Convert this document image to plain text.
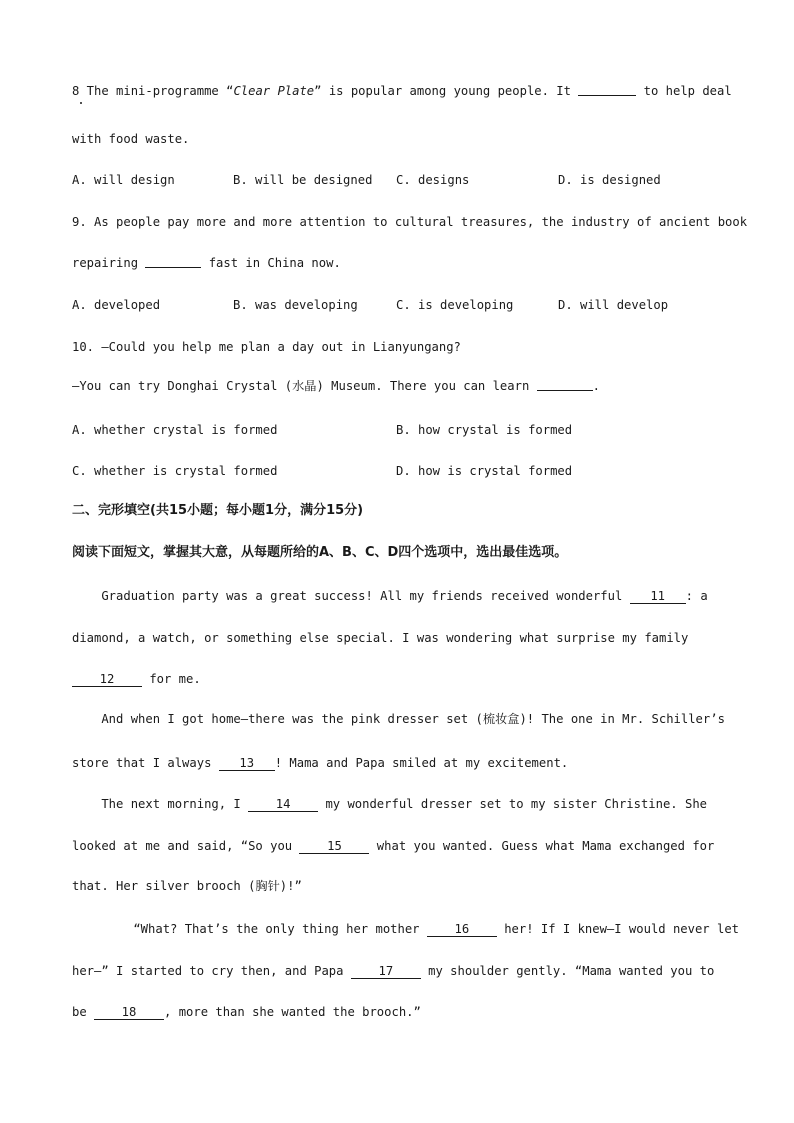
8 The mini-programme “Clear Plate” is popular among young people. It	to help deal
with food waste.
A. will design	B. will be designed C. designs	D. is designed
9. As people pay more and more attention to cultural treasures, the industry of ancient book
repairing	fast in China now.
A. developed	B. was developing	C. is developing	D. will develop
10. —Could you help me plan a day out in Lianyungang?
—You can try Donghai Crystal (水晶) Museum. There you can learn	.
A. whether crystal is formed	B. how crystal is formed
C. whether is crystal formed	D. how is crystal formed
二、完形填空(共15小题；每小题1分，满分15分)
阅读下面短文，掌握其大意，从每题所给的A、B、C、D四个选项中，选出最佳选项。
Graduation party was a great success! All my friends received wonderful 11 : a
diamond, a watch, or something else special. I was wondering what surprise my family
12 for me.
And when I got home—there was the pink dresser set (梳妆盒)! The one in Mr. Schiller’s
store that I always 13 ! Mama and Papa smiled at my excitement.
The next morning, I 14 my wonderful dresser set to my sister Christine. She
looked at me and said, “So you 15 what you wanted. Guess what Mama exchanged for
that. Her silver brooch (胸针)!”
“What? That’s the only thing her mother 16 her! If I knew—I would never let
her—” I started to cry then, and Papa 17 my shoulder gently. “Mama wanted you to
be 18 , more than she wanted the brooch.”
